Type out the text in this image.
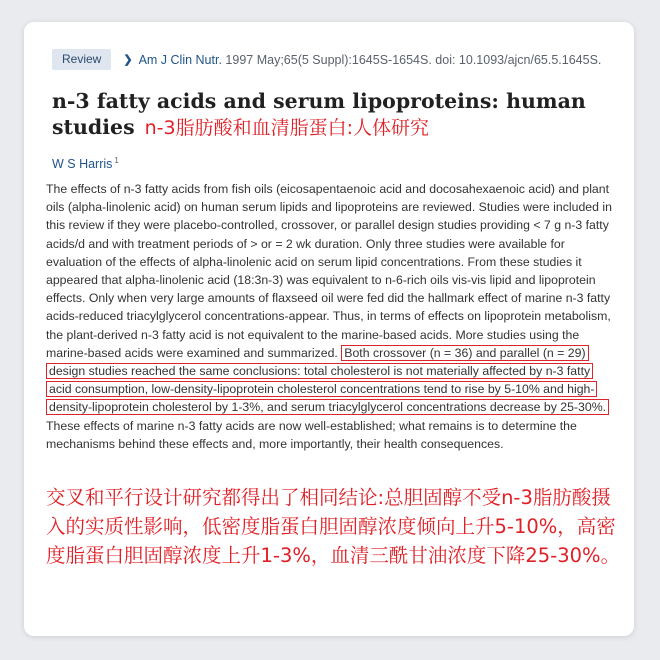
Review	❯ Am J Clin Nutr.
1997 May;65(5 Suppl):1645S-1654S. doi: 10.1093/ajcn/65.5.1645S.
n-3 fatty acids and serum lipoproteins: human studies n-3脂肪酸和血清脂蛋白:人体研究
W S Harris $^1$

The effects of n-3 fatty acids from fish oils (eicosapentaenoic acid and docosahexaenoic acid) and plant oils (alpha-linolenic acid) on human serum lipids and lipoproteins are reviewed. Studies were included in this review if they were placebo-controlled, crossover, or parallel design studies providing < 7 g n-3 fatty acids/d and with treatment periods of > or = 2 wk duration. Only three studies were available for evaluation of the effects of alpha-linolenic acid on serum lipid concentrations. From these studies it appeared that alpha-linolenic acid (18:3n-3) was equivalent to n-6-rich oils vis-vis lipid and lipoprotein effects. Only when very large amounts of flaxseed oil were fed did the hallmark effect of marine n-3 fatty acids-reduced triacylglycerol concentrations-appear. Thus, in terms of effects on lipoprotein metabolism, the plant-derived n-3 fatty acid is not equivalent to the marine-based acids. More studies using the marine-based acids were examined and summarized. Both crossover (n = 36) and parallel (n = 29) design studies reached the same conclusions: total cholesterol is not materially affected by n-3 fatty acid consumption, low-density-lipoprotein cholesterol concentrations tend to rise by 5-10% and high-density-lipoprotein cholesterol by 1-3%, and serum triacylglycerol concentrations decrease by 25-30%. These effects of marine n-3 fatty acids are now well-established; what remains is to determine the mechanisms behind these effects and, more importantly, their health consequences.

交叉和平行设计研究都得出了相同结论:总胆固醇不受n-3脂肪酸摄入的实质性影响，低密度脂蛋白胆固醇浓度倾向上升5-10%，高密度脂蛋白胆固醇浓度上升1-3%，血清三酰甘油浓度下降25-30%。
